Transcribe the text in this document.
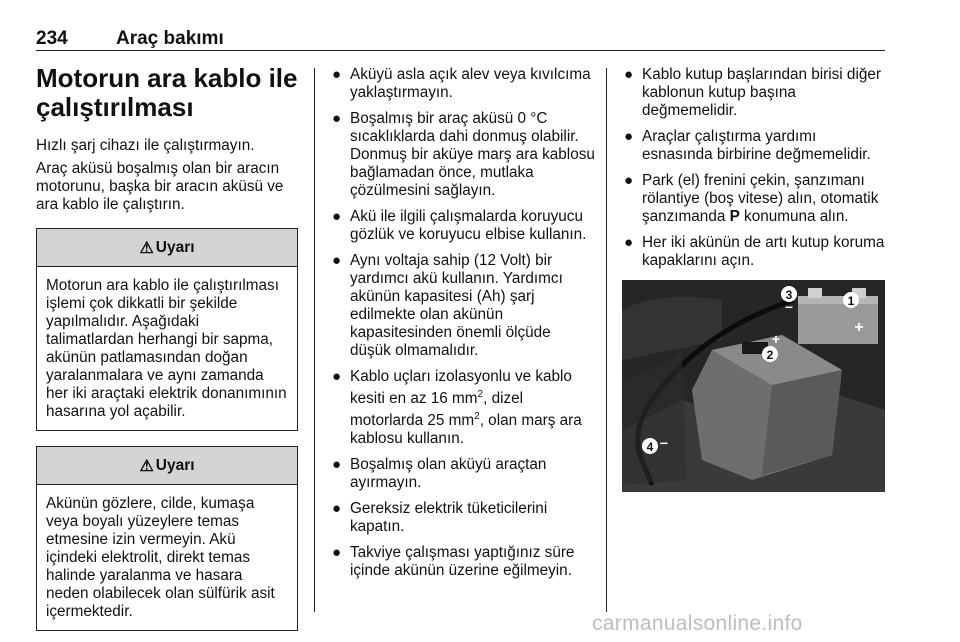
234	Araç bakımı
Motorun ara kablo ile çalıştırılması

Hızlı şarj cihazı ile çalıştırmayın.

Araç aküsü boşalmış olan bir aracın motorunu, başka bir aracın aküsü ve ara kablo ile çalıştırın.

⚠ Uyarı
Motorun ara kablo ile çalıştırılması işlemi çok dikkatli bir şekilde yapılmalıdır. Aşağıdaki talimatlardan herhangi bir sapma, akünün patlamasından doğan yaralanmalara ve aynı zamanda her iki araçtaki elektrik donanımının hasarına yol açabilir.
⚠ Uyarı
Akünün gözlere, cilde, kumaşa veya boyalı yüzeylere temas etmesine izin vermeyin. Akü içindeki elektrolit, direkt temas halinde yaralanma ve hasara neden olabilecek olan sülfürik asit içermektedir.
● Aküyü asla açık alev veya kıvılcıma yaklaştırmayın.
● Boşalmış bir araç aküsü 0 °C sıcaklıklarda dahi donmuş olabilir. Donmuş bir aküye marş ara kablosu bağlamadan önce, mutlaka çözülmesini sağlayın.
● Akü ile ilgili çalışmalarda koruyucu gözlük ve koruyucu elbise kullanın.
● Aynı voltaja sahip (12 Volt) bir yardımcı akü kullanın. Yardımcı akünün kapasitesi (Ah) şarj edilmekte olan akünün kapasitesinden önemli ölçüde düşük olmamalıdır.
● Kablo uçları izolasyonlu ve kablo kesiti en az 16 $mm^2$, dizel motorlarda 25 $mm^2$, olan marş ara kablosu kullanın.
● Boşalmış olan aküyü araçtan ayırmayın.
● Gereksiz elektrik tüketicilerini kapatın.
● Takviye çalışması yaptığınız süre içinde akünün üzerine eğilmeyin.
● Kablo kutup başlarından birisi diğer kablonun kutup başına değmemelidir.
● Araçlar çalıştırma yardımı esnasında birbirine değmemelidir.
● Park (el) frenini çekin, şanzımanı rölantiye (boş vitese) alın, otomatik şanzımanda P konumuna alın.
● Her iki akünün de artı kutup koruma kapaklarını açın.
1
2
3
4
+
+
−
−
carmanualsonline.info
